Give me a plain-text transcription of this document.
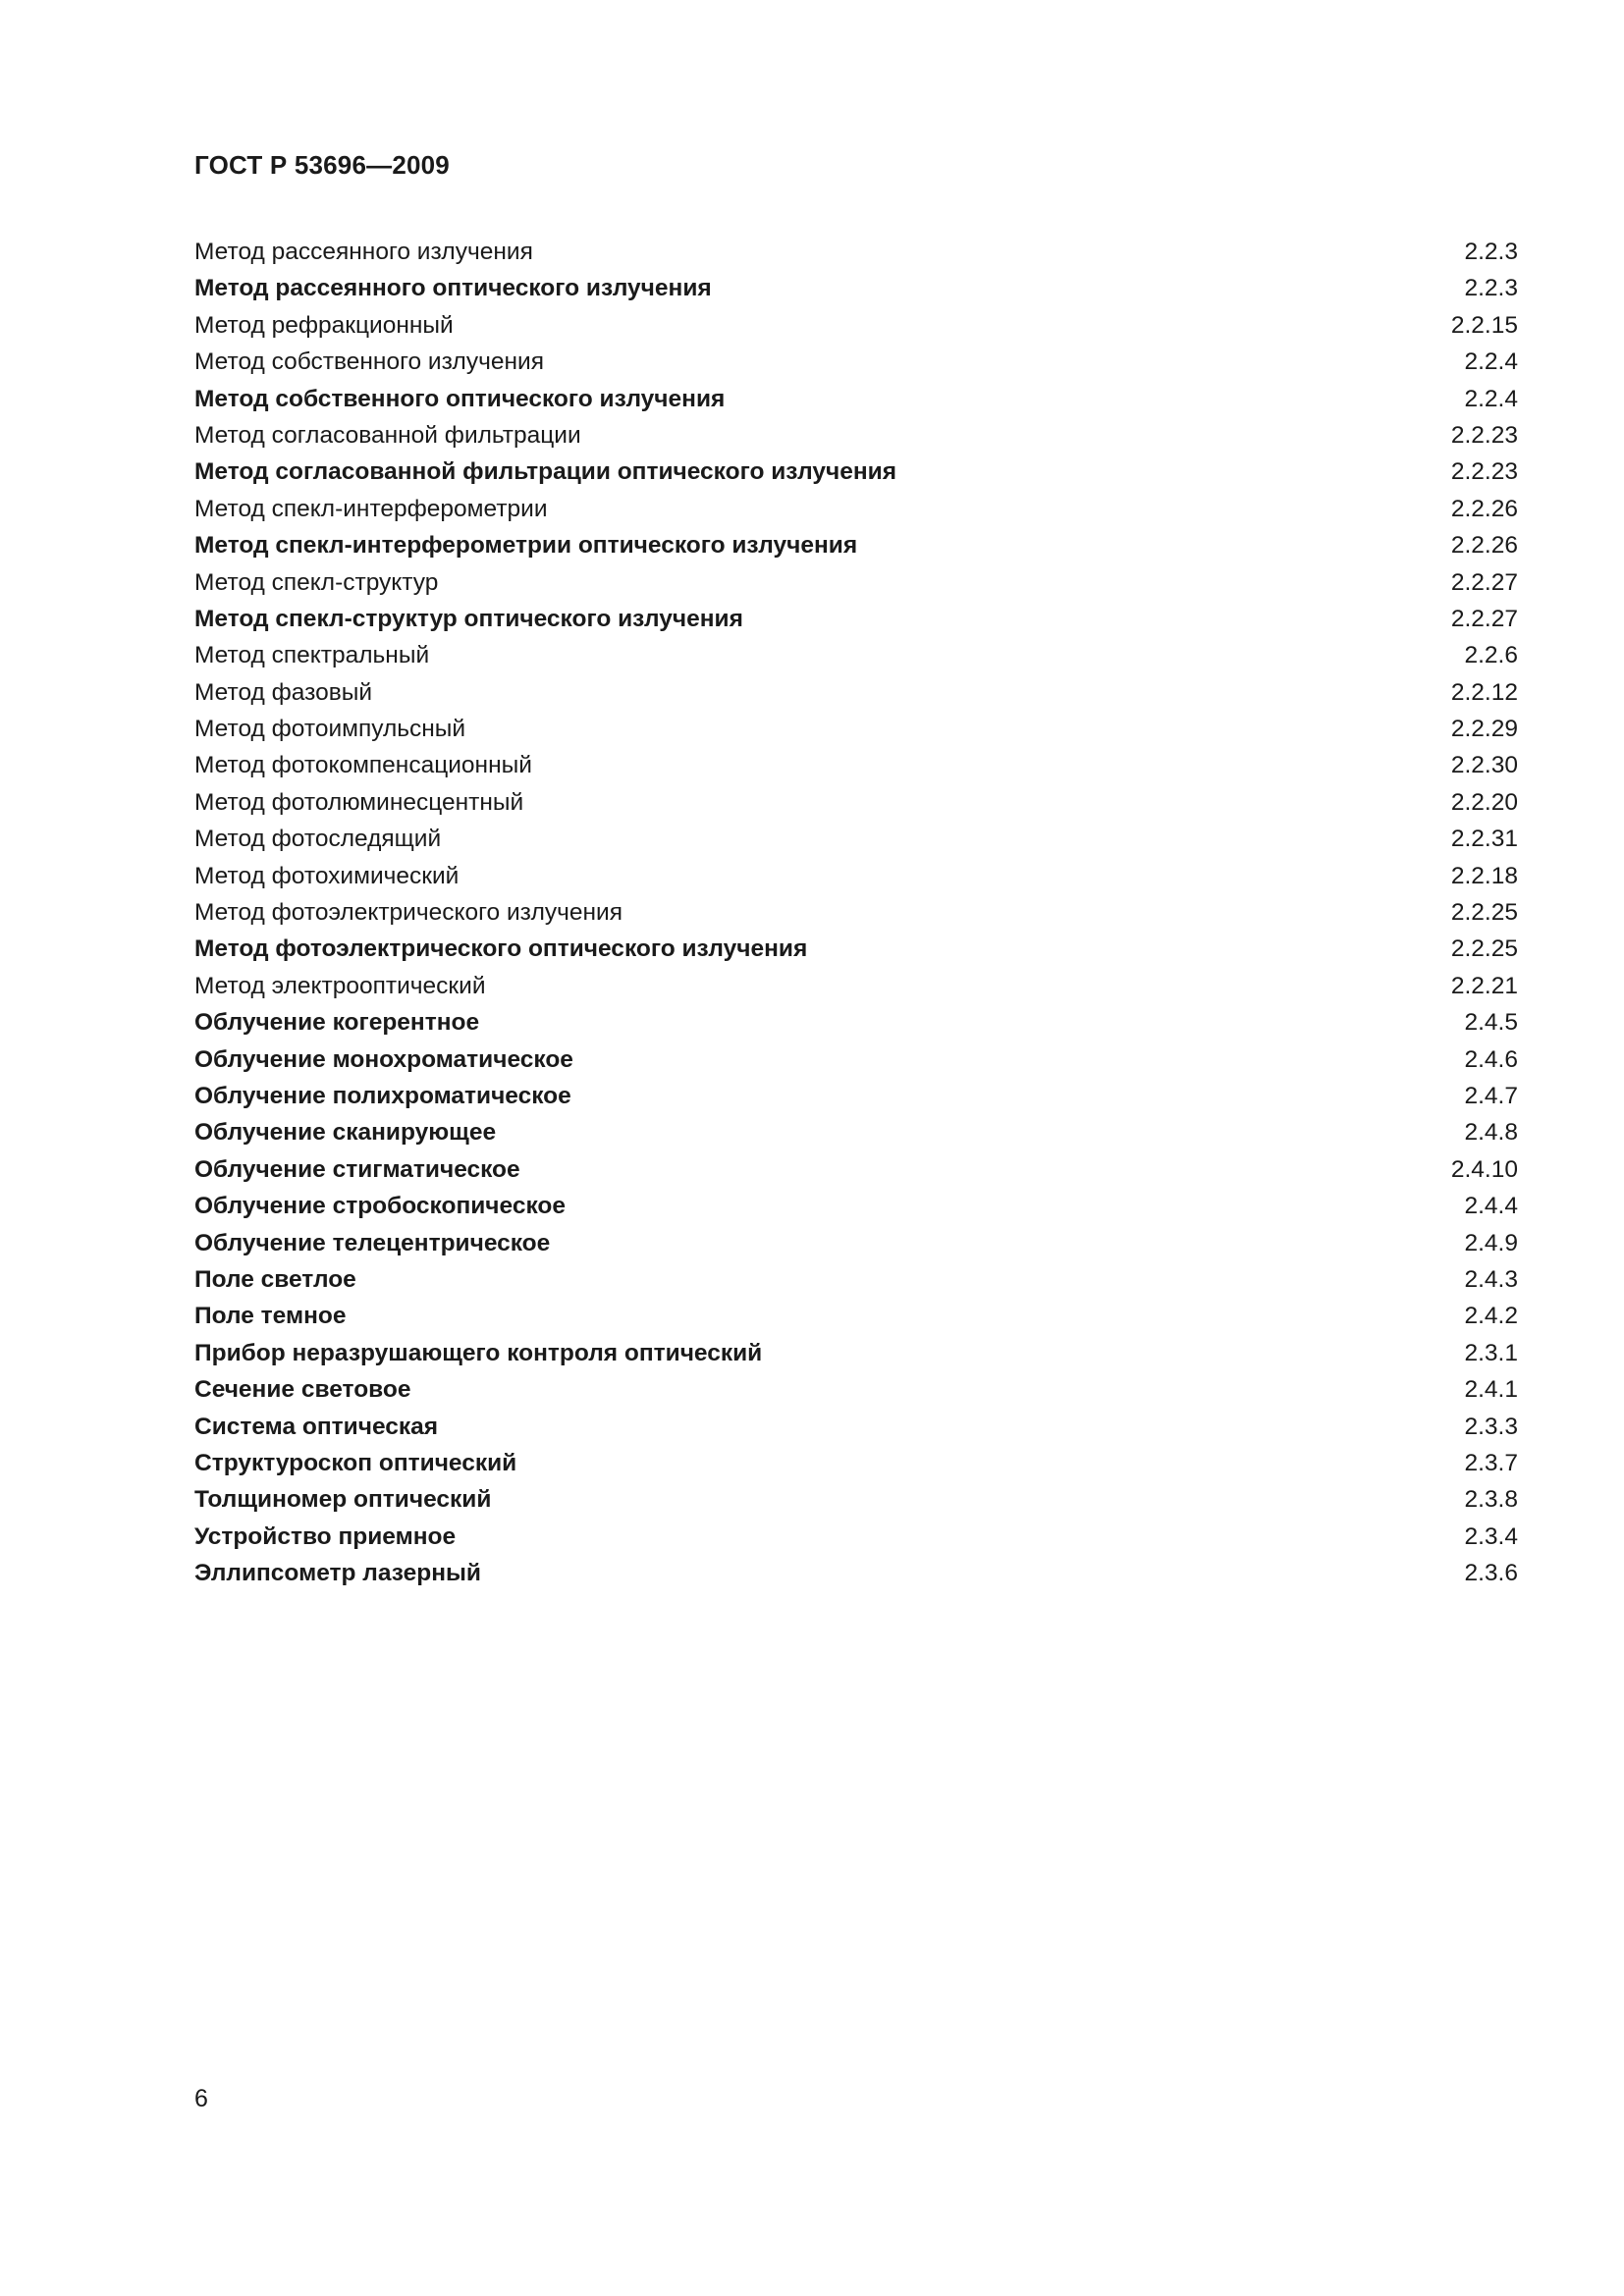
ГОСТ Р 53696—2009
Метод рассеянного излучения	2.2.3
Метод рассеянного оптического излучения	2.2.3
Метод рефракционный	2.2.15
Метод собственного излучения	2.2.4
Метод собственного оптического излучения	2.2.4
Метод согласованной фильтрации	2.2.23
Метод согласованной фильтрации оптического излучения	2.2.23
Метод спекл-интерферометрии	2.2.26
Метод спекл-интерферометрии оптического излучения	2.2.26
Метод спекл-структур	2.2.27
Метод спекл-структур оптического излучения	2.2.27
Метод спектральный	2.2.6
Метод фазовый	2.2.12
Метод фотоимпульсный	2.2.29
Метод фотокомпенсационный	2.2.30
Метод фотолюминесцентный	2.2.20
Метод фотоследящий	2.2.31
Метод фотохимический	2.2.18
Метод фотоэлектрического излучения	2.2.25
Метод фотоэлектрического оптического излучения	2.2.25
Метод электрооптический	2.2.21
Облучение когерентное	2.4.5
Облучение монохроматическое	2.4.6
Облучение полихроматическое	2.4.7
Облучение сканирующее	2.4.8
Облучение стигматическое	2.4.10
Облучение стробоскопическое	2.4.4
Облучение телецентрическое	2.4.9
Поле светлое	2.4.3
Поле темное	2.4.2
Прибор неразрушающего контроля оптический	2.3.1
Сечение световое	2.4.1
Система оптическая	2.3.3
Структуроскоп оптический	2.3.7
Толщиномер оптический	2.3.8
Устройство приемное	2.3.4
Эллипсометр лазерный	2.3.6
6
